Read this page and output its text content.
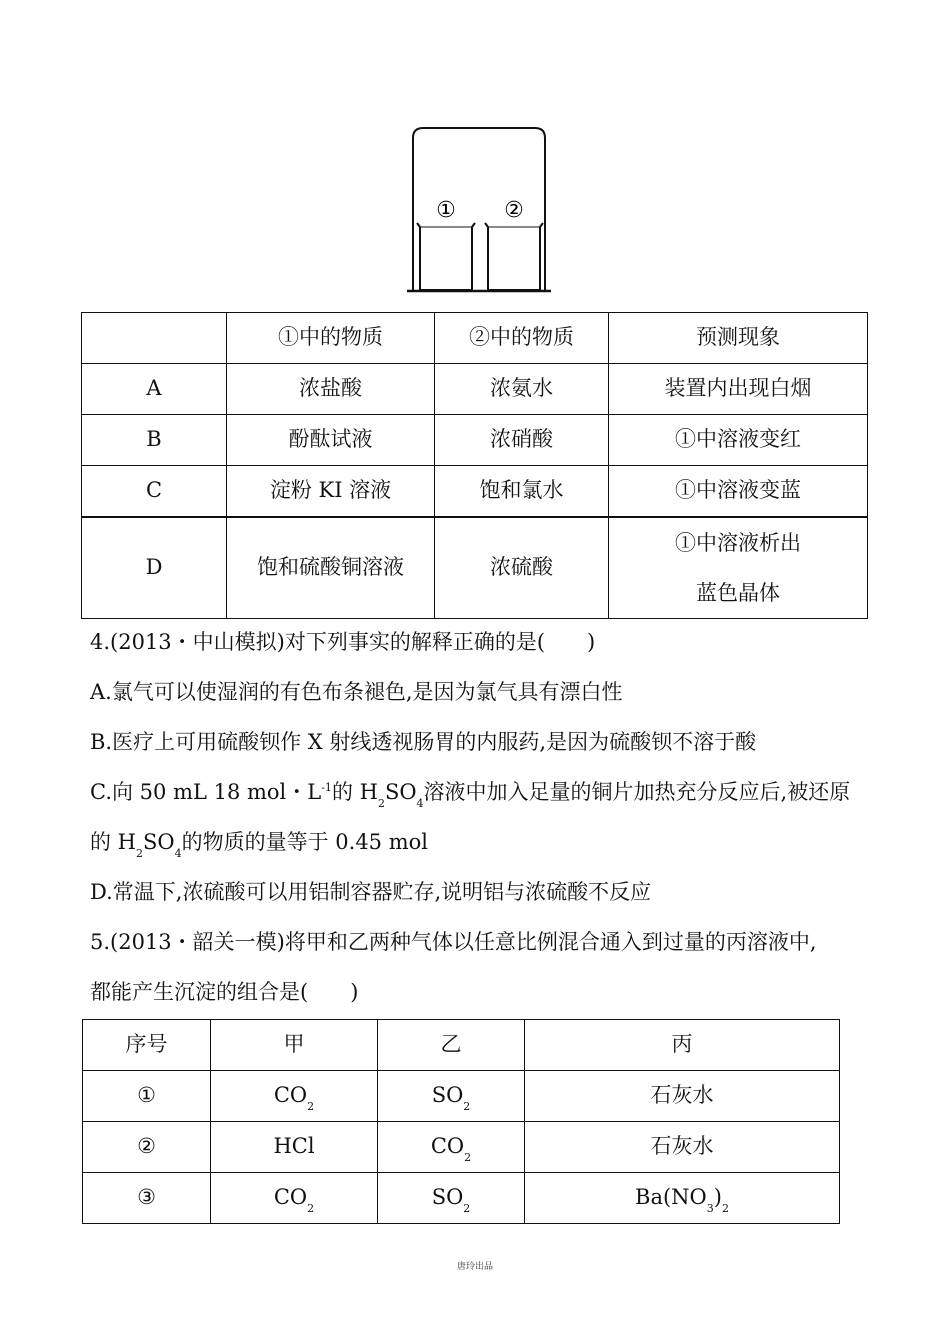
① ②
	①中的物质	②中的物质	预测现象
A	浓盐酸	浓氨水	装置内出现白烟
B	酚酞试液	浓硝酸	①中溶液变红
C	淀粉 KI 溶液	饱和氯水	①中溶液变蓝
D	饱和硫酸铜溶液	浓硫酸	①中溶液析出
蓝色晶体
4.(2013・中山模拟)对下列事实的解释正确的是(　　)
A.氯气可以使湿润的有色布条褪色,是因为氯气具有漂白性
B.医疗上可用硫酸钡作 X 射线透视肠胃的内服药,是因为硫酸钡不溶于酸
C.向 50 mL 18 mol・$L^{-1}$的 $H_2SO_4$溶液中加入足量的铜片加热充分反应后,被还原
的 $H_2SO_4$的物质的量等于 0.45 mol
D.常温下,浓硫酸可以用铝制容器贮存,说明铝与浓硫酸不反应
5.(2013・韶关一模)将甲和乙两种气体以任意比例混合通入到过量的丙溶液中,
都能产生沉淀的组合是(　　)
序号	甲	乙	丙
①	$CO_2$	$SO_2$	石灰水
②	HCl	$CO_2$	石灰水
③	$CO_2$	$SO_2$	$Ba(NO_3)_2$
唐玲出品
